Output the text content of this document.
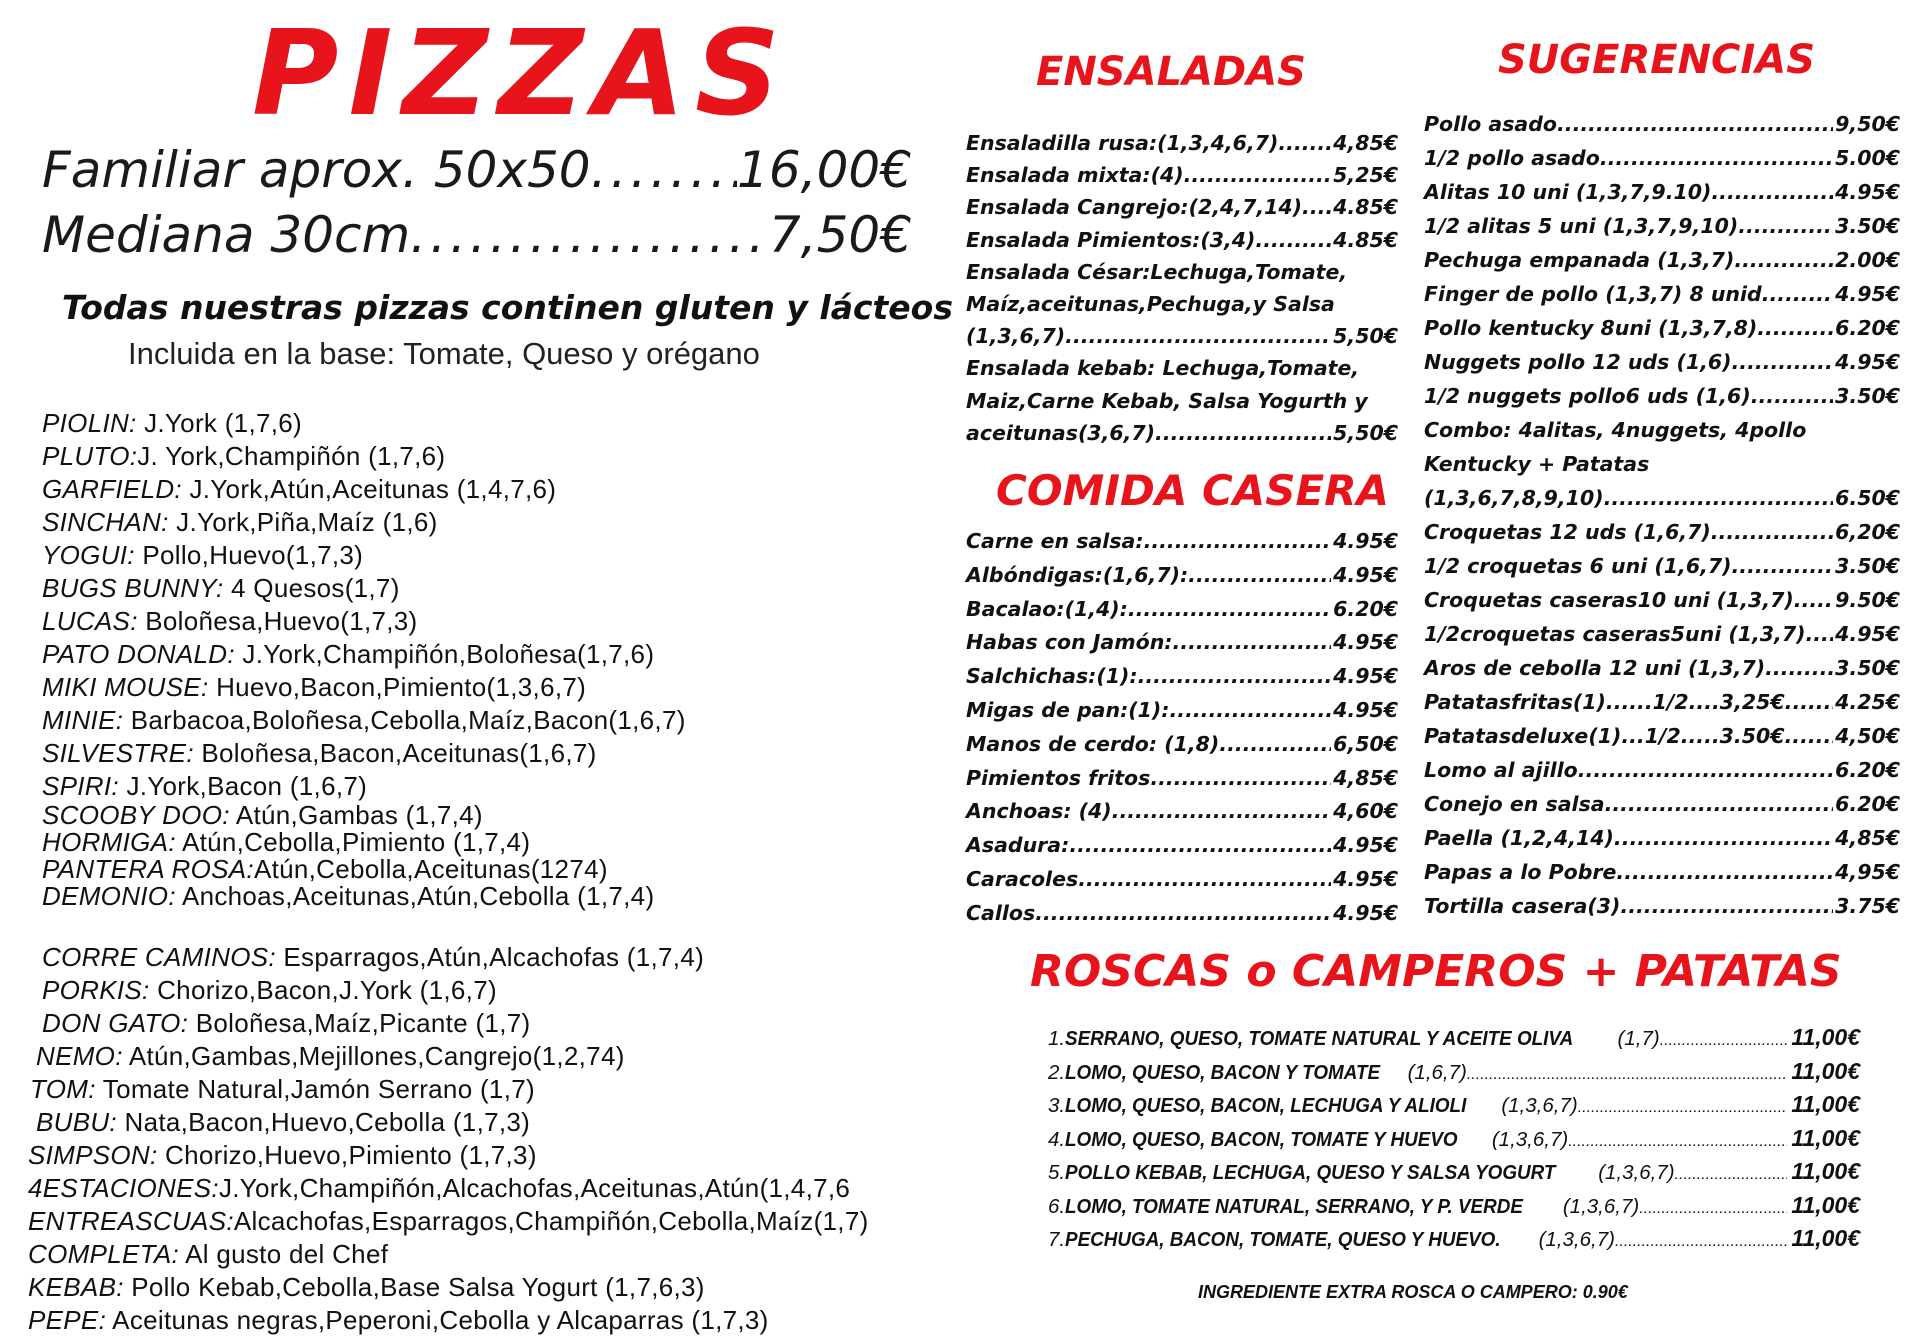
PIZZAS
Familiar aprox. 50x50 .....	16,00€
Mediana 30cm .....	7,50€
Todas nuestras pizzas continen gluten y lácteos
Incluida en la base: Tomate, Queso y orégano
PIOLIN: J.York (1,7,6)
PLUTO:J. York,Champiñón (1,7,6)
GARFIELD: J.York,Atún,Aceitunas (1,4,7,6)
SINCHAN: J.York,Piña,Maíz (1,6)
YOGUI: Pollo,Huevo(1,7,3)
BUGS BUNNY: 4 Quesos(1,7)
LUCAS: Boloñesa,Huevo(1,7,3)
PATO DONALD: J.York,Champiñón,Boloñesa(1,7,6)
MIKI MOUSE: Huevo,Bacon,Pimiento(1,3,6,7)
MINIE: Barbacoa,Boloñesa,Cebolla,Maíz,Bacon(1,6,7)
SILVESTRE: Boloñesa,Bacon,Aceitunas(1,6,7)
SPIRI: J.York,Bacon (1,6,7)
SCOOBY DOO: Atún,Gambas (1,7,4)
HORMIGA: Atún,Cebolla,Pimiento (1,7,4)
PANTERA ROSA:Atún,Cebolla,Aceitunas(1274)
DEMONIO: Anchoas,Aceitunas,Atún,Cebolla (1,7,4)
CORRE CAMINOS: Esparragos,Atún,Alcachofas (1,7,4)
PORKIS: Chorizo,Bacon,J.York (1,6,7)
DON GATO: Boloñesa,Maíz,Picante (1,7)
NEMO: Atún,Gambas,Mejillones,Cangrejo(1,2,74)
TOM: Tomate Natural,Jamón Serrano (1,7)
BUBU: Nata,Bacon,Huevo,Cebolla (1,7,3)
SIMPSON: Chorizo,Huevo,Pimiento (1,7,3)
4ESTACIONES:J.York,Champiñón,Alcachofas,Aceitunas,Atún(1,4,7,6
ENTREASCUAS:Alcachofas,Esparragos,Champiñón,Cebolla,Maíz(1,7)
COMPLETA: Al gusto del Chef
KEBAB: Pollo Kebab,Cebolla,Base Salsa Yogurt (1,7,6,3)
PEPE: Aceitunas negras,Peperoni,Cebolla y Alcaparras (1,7,3)
ENSALADAS
Ensaladilla rusa:(1,3,4,6,7) .....	4,85€
Ensalada mixta:(4) .....	5,25€
Ensalada Cangrejo:(2,4,7,14) ..... 4.85€
Ensalada Pimientos:(3,4) .....	4.85€
Ensalada César:Lechuga,Tomate,
Maíz,aceitunas,Pechuga,y Salsa
(1,3,6,7) .....	5,50€
Ensalada kebab: Lechuga,Tomate,
Maiz,Carne Kebab, Salsa Yogurth y
aceitunas(3,6,7) .....	5,50€
COMIDA CASERA
Carne en salsa: .....	4.95€
Albóndigas:(1,6,7): .....	4.95€
Bacalao:(1,4): .....	6.20€
Habas con Jamón: .....	4.95€
Salchichas:(1): .....	4.95€
Migas de pan:(1): .....	4.95€
Manos de cerdo: (1,8) .....	6,50€
Pimientos fritos .....	4,85€
Anchoas: (4) .....	4,60€
Asadura: .....	4.95€
Caracoles .....	4.95€
Callos .....	4.95€
SUGERENCIAS
Pollo asado .....	9,50€
1/2 pollo asado .....	5.00€
Alitas 10 uni (1,3,7,9.10) .....	4.95€
1/2 alitas 5 uni (1,3,7,9,10) .....	3.50€
Pechuga empanada (1,3,7) .....	2.00€
Finger de pollo (1,3,7) 8 unid .....	4.95€
Pollo kentucky 8uni (1,3,7,8) .....	6.20€
Nuggets pollo 12 uds (1,6) .....	4.95€
1/2 nuggets pollo6 uds (1,6) .....	3.50€
Combo: 4alitas, 4nuggets, 4pollo
Kentucky + Patatas
(1,3,6,7,8,9,10) .....	6.50€
Croquetas 12 uds (1,6,7) .....	6,20€
1/2 croquetas 6 uni (1,6,7) .....	3.50€
Croquetas caseras10 uni (1,3,7) ..... 9.50€
1/2croquetas caseras5uni (1,3,7) ..... 4.95€
Aros de cebolla 12 uni (1,3,7) .....	3.50€
Patatasfritas(1)......1/2....3,25€. ..... 4.25€
Patatasdeluxe(1)...1/2.....3.50€. ..... 4,50€
Lomo al ajillo .....	6.20€
Conejo en salsa .....	6.20€
Paella (1,2,4,14) .....	4,85€
Papas a lo Pobre .....	4,95€
Tortilla casera(3) .....	3.75€
ROSCAS o CAMPEROS + PATATAS
1. SERRANO, QUESO, TOMATE NATURAL Y ACEITE OLIVA (1,7) .....	11,00€
2. LOMO, QUESO, BACON Y TOMATE (1,6,7) .....	11,00€
3. LOMO, QUESO, BACON, LECHUGA Y ALIOLI (1,3,6,7) .....	11,00€
4. LOMO, QUESO, BACON, TOMATE Y HUEVO (1,3,6,7) .....	11,00€
5. POLLO KEBAB, LECHUGA, QUESO Y SALSA YOGURT (1,3,6,7) .....	11,00€
6. LOMO, TOMATE NATURAL, SERRANO, Y P. VERDE (1,3,6,7) .....	11,00€
7. PECHUGA, BACON, TOMATE, QUESO Y HUEVO. (1,3,6,7) .....	11,00€
INGREDIENTE EXTRA ROSCA O CAMPERO: 0.90€
